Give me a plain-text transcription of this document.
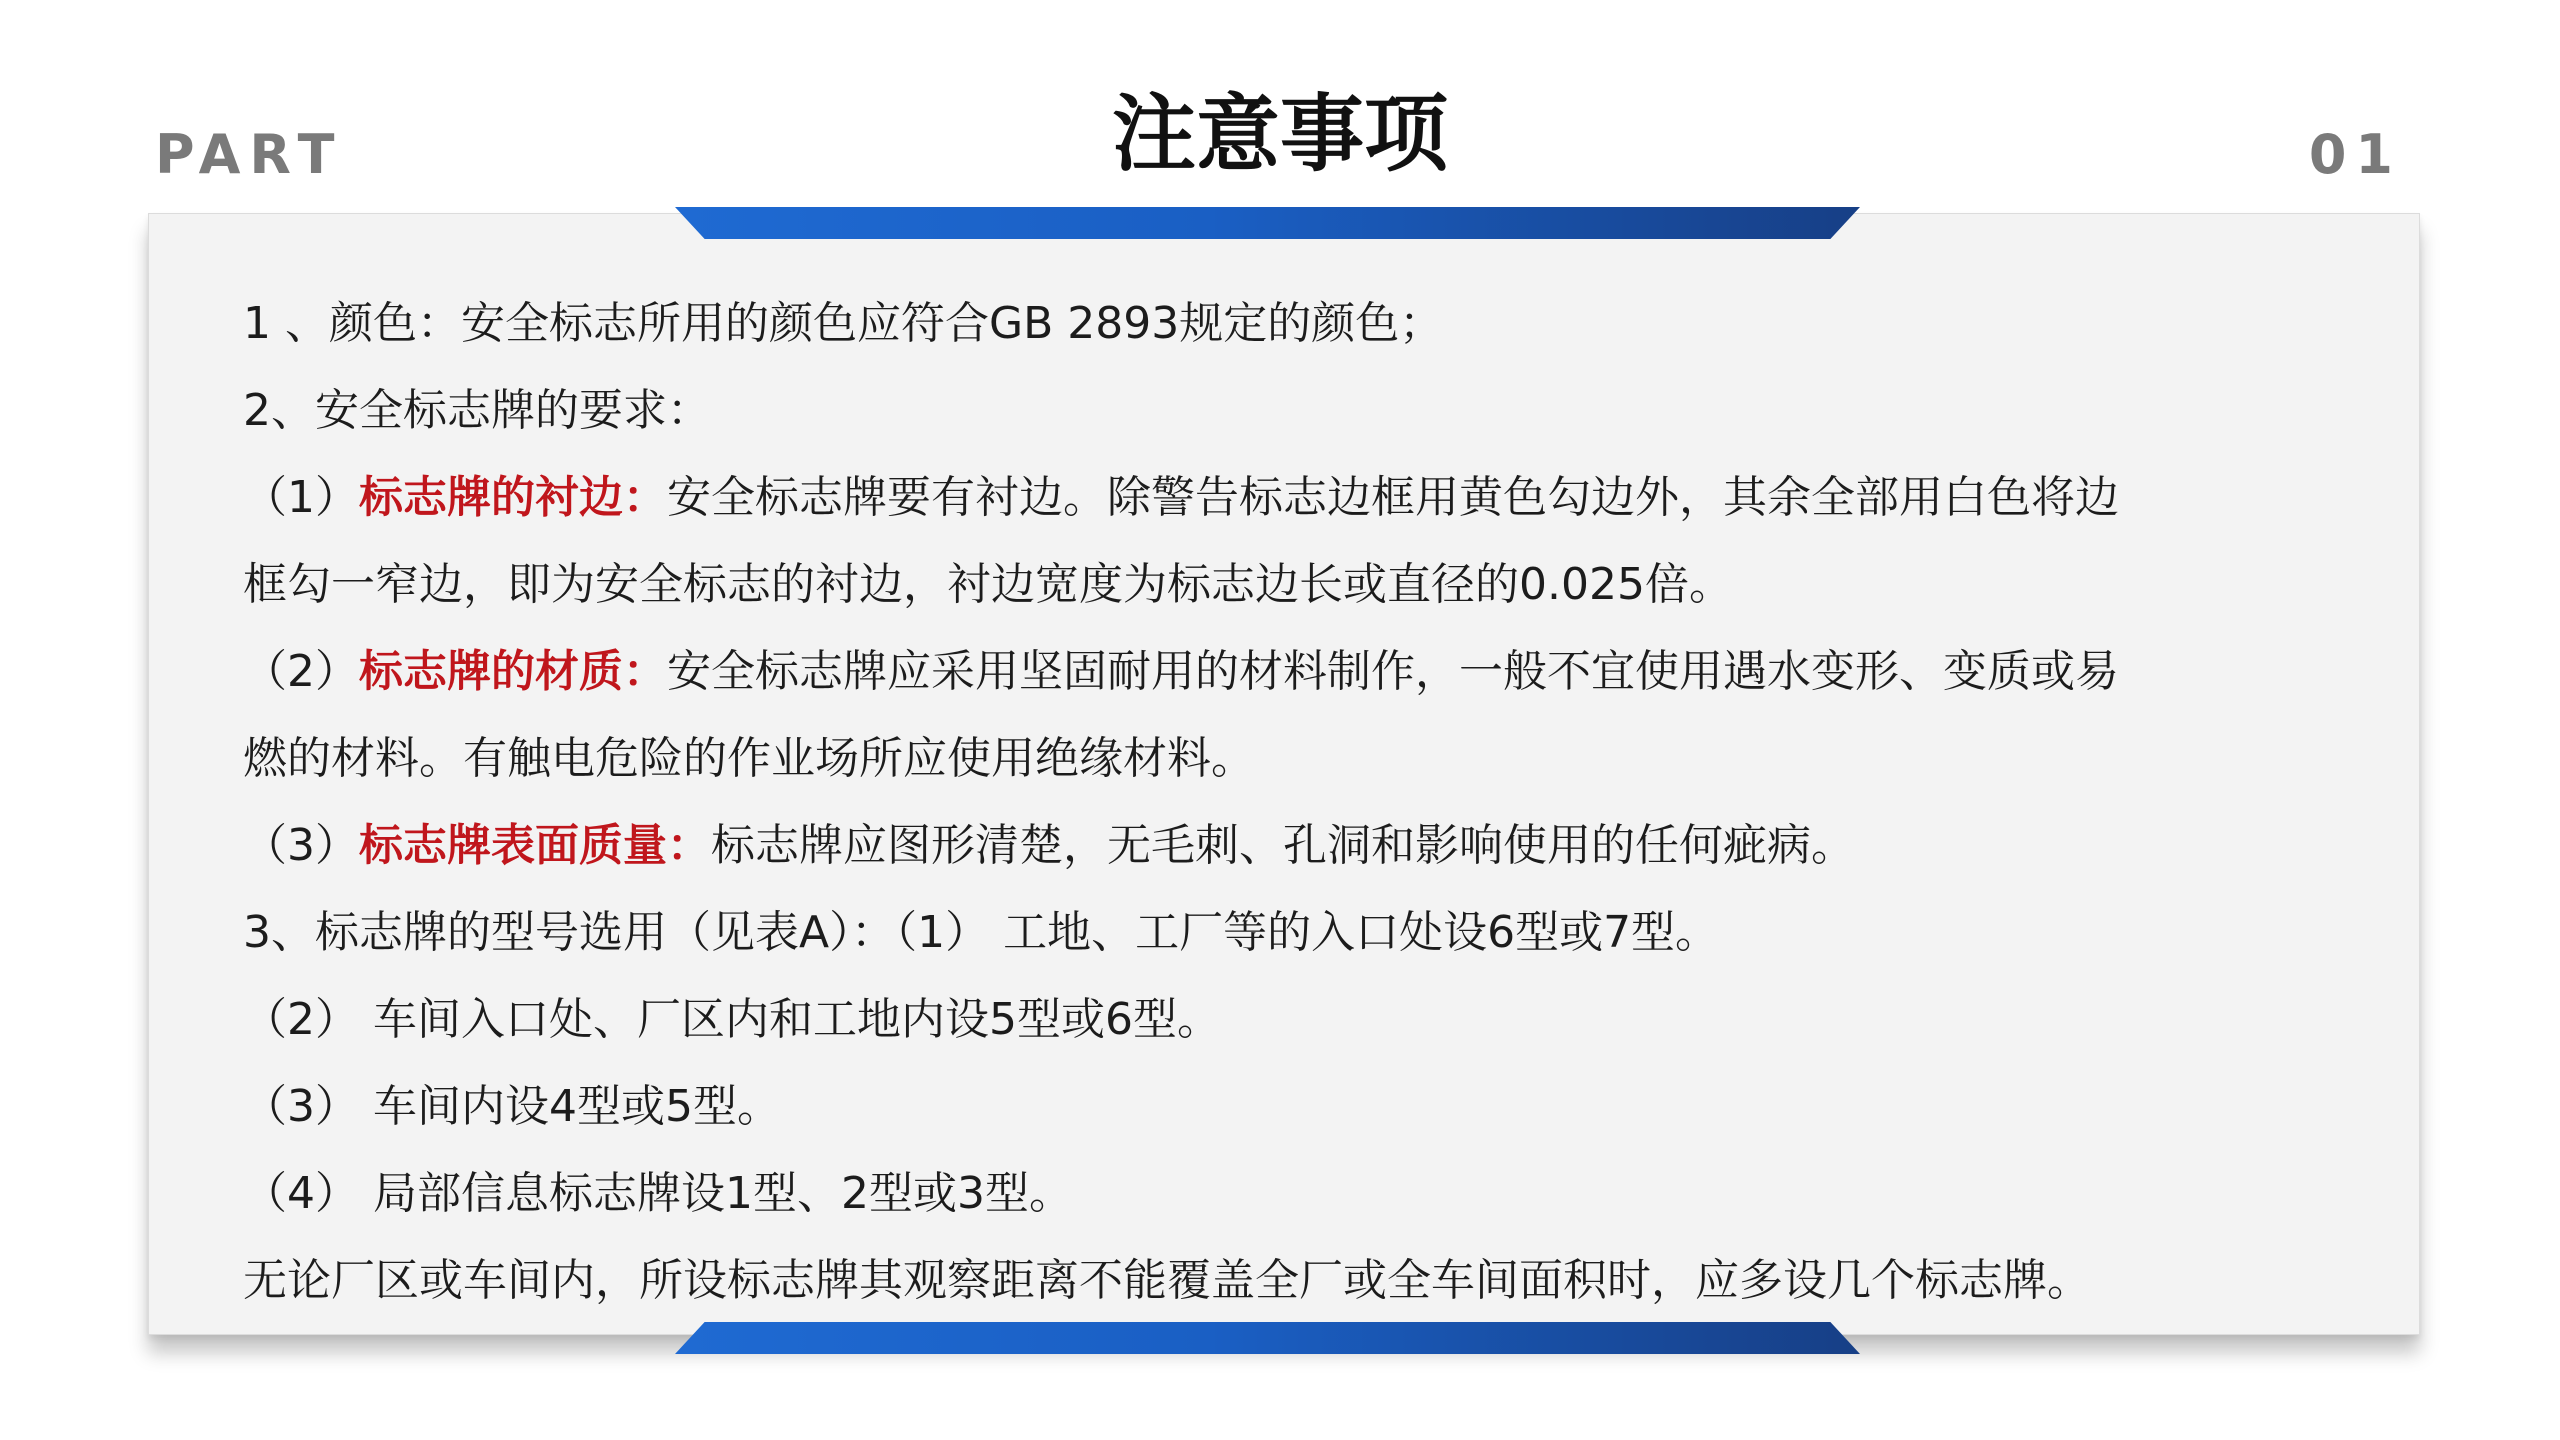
PART	注意事项	01

1 、颜色：安全标志所用的颜色应符合GB 2893规定的颜色；

2、安全标志牌的要求：

（1）标志牌的衬边：安全标志牌要有衬边。除警告标志边框用黄色勾边外，其余全部用白色将边

框勾一窄边，即为安全标志的衬边，衬边宽度为标志边长或直径的0.025倍。

（2）标志牌的材质：安全标志牌应采用坚固耐用的材料制作，一般不宜使用遇水变形、变质或易

燃的材料。有触电危险的作业场所应使用绝缘材料。

（3）标志牌表面质量：标志牌应图形清楚，无毛刺、孔洞和影响使用的任何疵病。

3、标志牌的型号选用（见表A）：（1） 工地、工厂等的入口处设6型或7型。

（2） 车间入口处、厂区内和工地内设5型或6型。

（3） 车间内设4型或5型。

（4） 局部信息标志牌设1型、2型或3型。

无论厂区或车间内，所设标志牌其观察距离不能覆盖全厂或全车间面积时，应多设几个标志牌。
